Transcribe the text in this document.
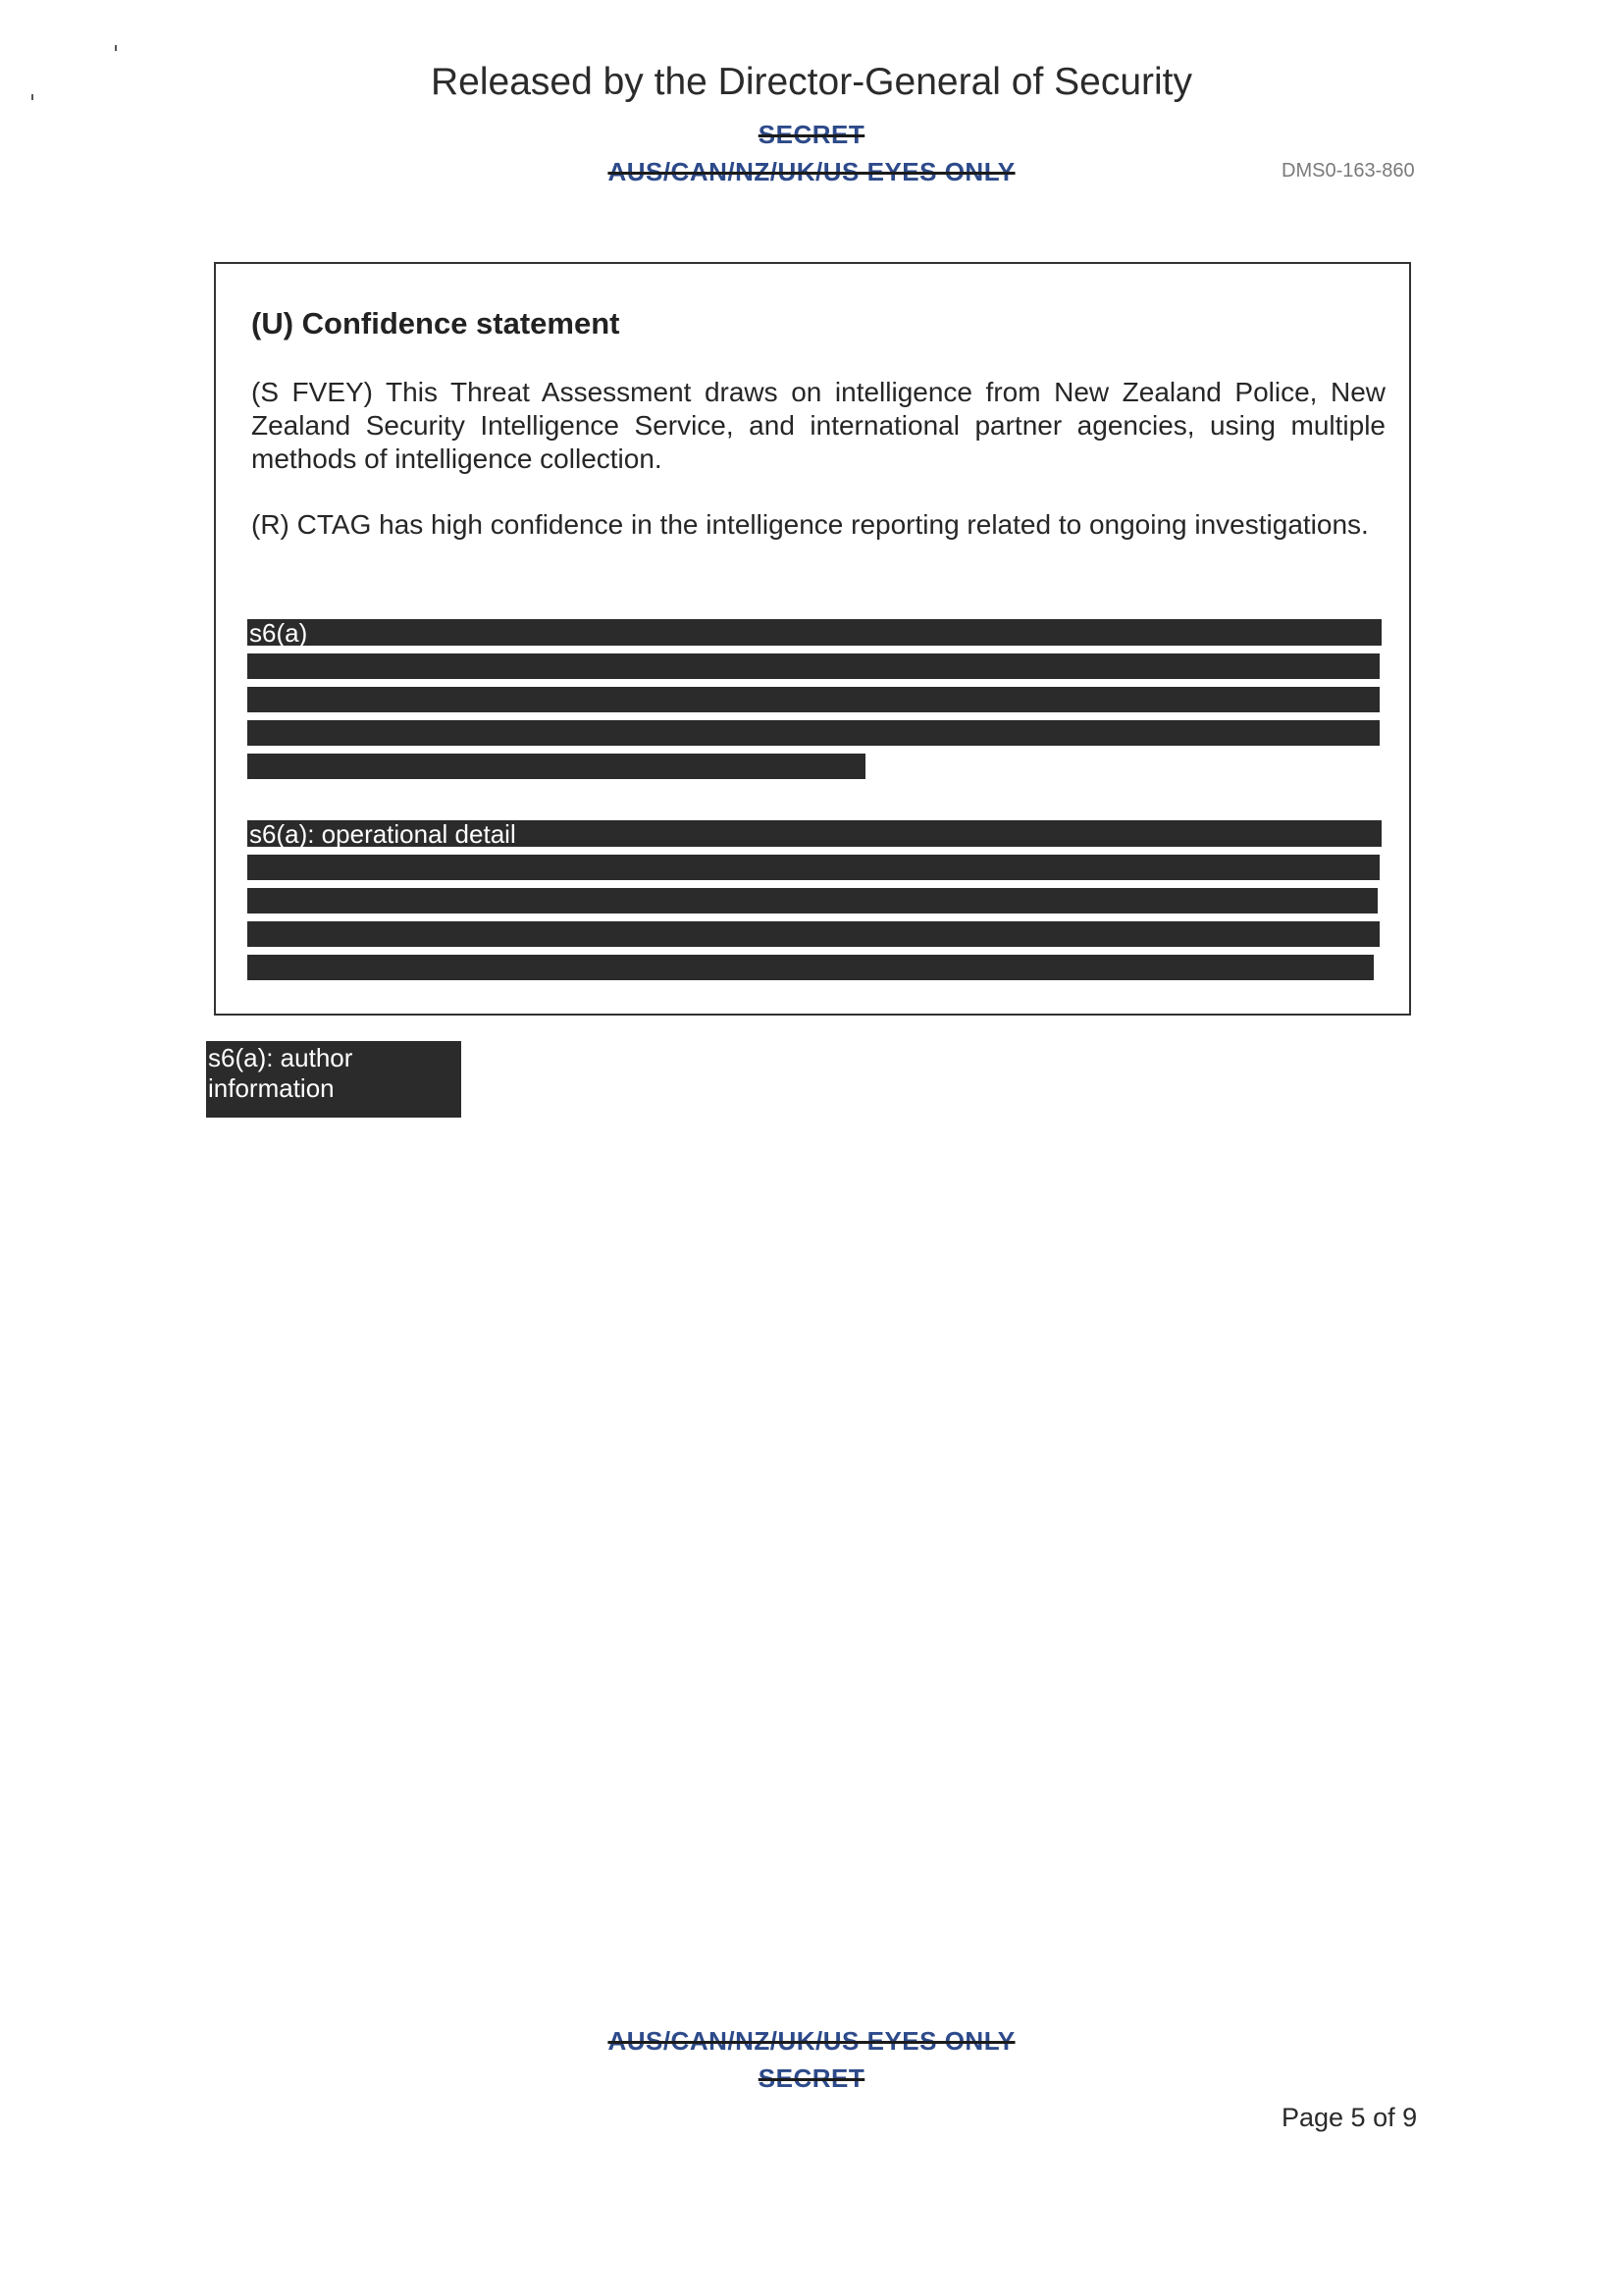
Released by the Director-General of Security
SECRET
AUS/CAN/NZ/UK/US EYES ONLY	DMS0-163-860
(U) Confidence statement
(S FVEY) This Threat Assessment draws on intelligence from New Zealand Police, New Zealand Security Intelligence Service, and international partner agencies, using multiple methods of intelligence collection.
(R) CTAG has high confidence in the intelligence reporting related to ongoing investigations.
s6(a)
s6(a): operational detail
s6(a): author
information
AUS/CAN/NZ/UK/US EYES ONLY
SECRET
Page 5 of 9
